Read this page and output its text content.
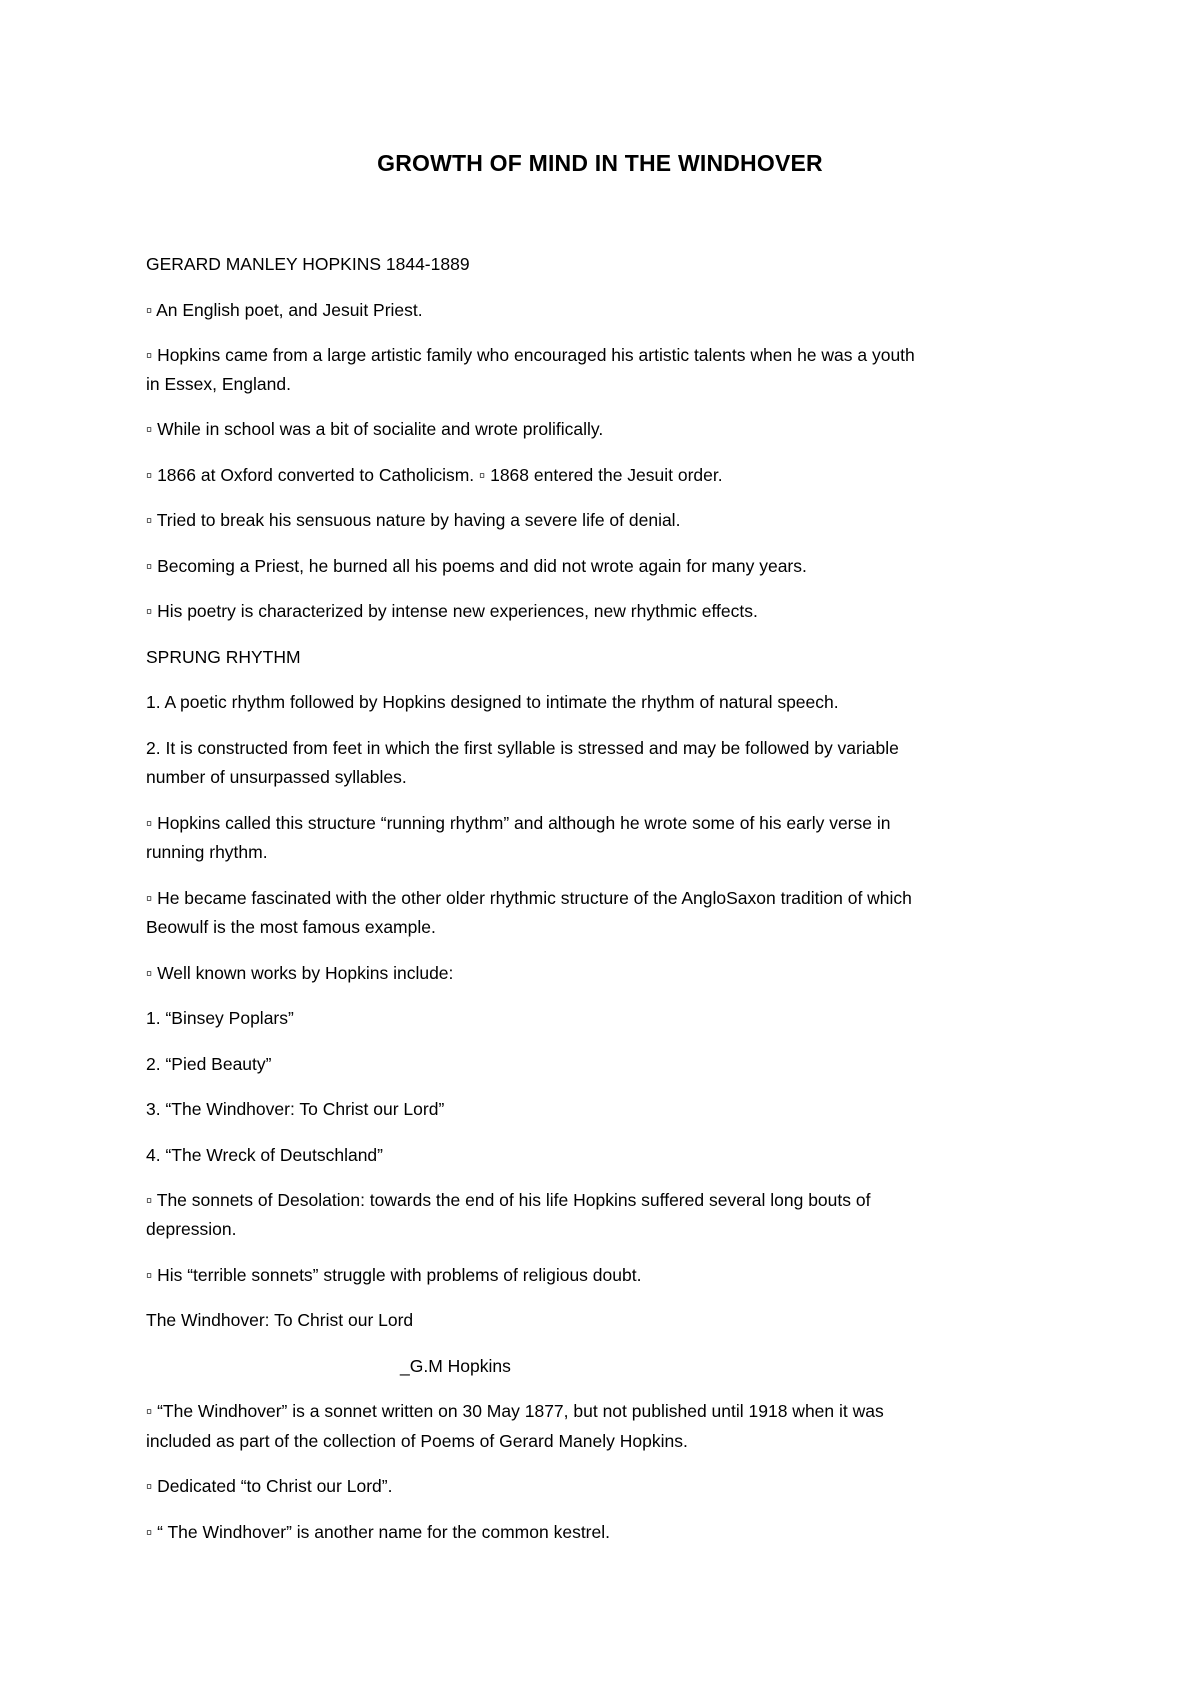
GROWTH OF MIND IN THE WINDHOVER
GERARD MANLEY HOPKINS 1844-1889
▫ An English poet, and Jesuit Priest.
▫ Hopkins came from a large artistic family who encouraged his artistic talents when he was a youth
in Essex, England.
▫ While in school was a bit of socialite and wrote prolifically.
▫ 1866 at Oxford converted to Catholicism. ▫ 1868 entered the Jesuit order.
▫ Tried to break his sensuous nature by having a severe life of denial.
▫ Becoming a Priest, he burned all his poems and did not wrote again for many years.
▫ His poetry is characterized by intense new experiences, new rhythmic effects.
SPRUNG RHYTHM
1. A poetic rhythm followed by Hopkins designed to intimate the rhythm of natural speech.
2. It is constructed from feet in which the first syllable is stressed and may be followed by variable
number of unsurpassed syllables.
▫ Hopkins called this structure “running rhythm” and although he wrote some of his early verse in
running rhythm.
▫ He became fascinated with the other older rhythmic structure of the AngloSaxon tradition of which
Beowulf is the most famous example.
▫ Well known works by Hopkins include:
1. “Binsey Poplars”
2. “Pied Beauty”
3. “The Windhover: To Christ our Lord”
4. “The Wreck of Deutschland”
▫ The sonnets of Desolation: towards the end of his life Hopkins suffered several long bouts of
depression.
▫ His “terrible sonnets” struggle with problems of religious doubt.
The Windhover: To Christ our Lord
_G.M Hopkins
▫ “The Windhover” is a sonnet written on 30 May 1877, but not published until 1918 when it was
included as part of the collection of Poems of Gerard Manely Hopkins.
▫ Dedicated “to Christ our Lord”.
▫ “ The Windhover” is another name for the common kestrel.
